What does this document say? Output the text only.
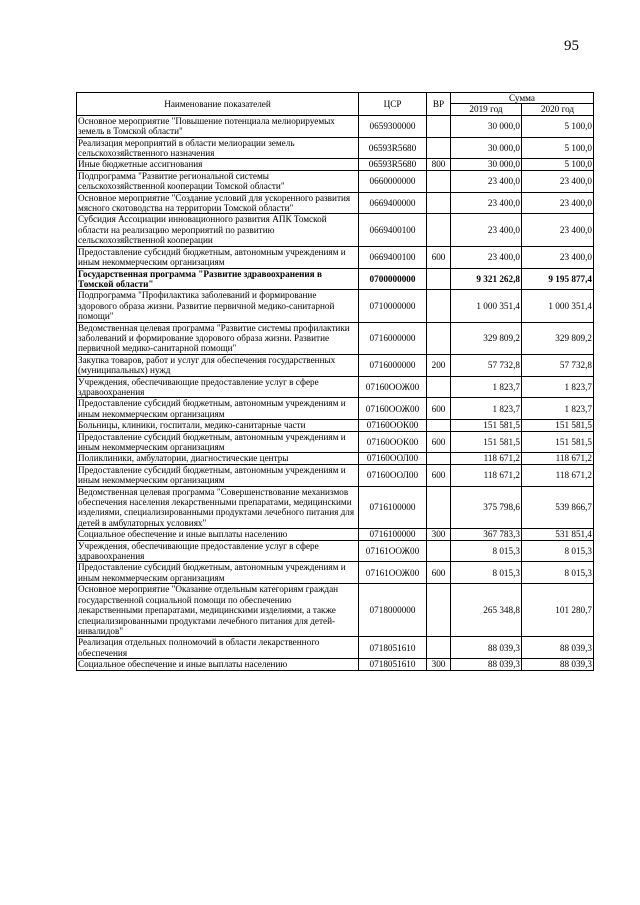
95
Наименование показателей	ЦСР	ВР	Сумма	
			2019 год	2020 год
Основное мероприятие "Повышение потенциала мелиорируемых земель в Томской области"	0659300000		30 000,0	5 100,0
Реализация мероприятий в области мелиорации земель сельскохозяйственного назначения	06593R5680		30 000,0	5 100,0
Иные бюджетные ассигнования	06593R5680	800	30 000,0	5 100,0
Подпрограмма "Развитие региональной системы сельскохозяйственной кооперации Томской области"	0660000000		23 400,0	23 400,0
Основное мероприятие "Создание условий для ускоренного развития мясного скотоводства на территории Томской области"	0669400000		23 400,0	23 400,0
Субсидия Ассоциации инновационного развития АПК Томской области на реализацию мероприятий по развитию сельскохозяйственной кооперации	0669400100		23 400,0	23 400,0
Предоставление субсидий бюджетным, автономным учреждениям и иным некоммерческим организациям	0669400100	600	23 400,0	23 400,0
Государственная программа "Развитие здравоохранения в Томской области"	0700000000		9 321 262,8	9 195 877,4
Подпрограмма "Профилактика заболеваний и формирование здорового образа жизни. Развитие первичной медико-санитарной помощи"	0710000000		1 000 351,4	1 000 351,4
Ведомственная целевая программа "Развитие системы профилактики заболеваний и формирование здорового образа жизни. Развитие первичной медико-санитарной помощи"	0716000000		329 809,2	329 809,2
Закупка товаров, работ и услуг для обеспечения государственных (муниципальных) нужд	0716000000	200	57 732,8	57 732,8
Учреждения, обеспечивающие предоставление услуг в сфере здравоохранения	07160ООЖ00		1 823,7	1 823,7
Предоставление субсидий бюджетным, автономным учреждениям и иным некоммерческим организациям	07160ООЖ00	600	1 823,7	1 823,7
Больницы, клиники, госпитали, медико-санитарные части	07160ООК00		151 581,5	151 581,5
Предоставление субсидий бюджетным, автономным учреждениям и иным некоммерческим организациям	07160ООК00	600	151 581,5	151 581,5
Поликлиники, амбулатории, диагностические центры	07160ООЛ00		118 671,2	118 671,2
Предоставление субсидий бюджетным, автономным учреждениям и иным некоммерческим организациям	07160ООЛ00	600	118 671,2	118 671,2
Ведомственная целевая программа "Совершенствование механизмов обеспечения населения лекарственными препаратами, медицинскими изделиями, специализированными продуктами лечебного питания для детей в амбулаторных условиях"	0716100000		375 798,6	539 866,7
Социальное обеспечение и иные выплаты населению	0716100000	300	367 783,3	531 851,4
Учреждения, обеспечивающие предоставление услуг в сфере здравоохранения	07161ООЖ00		8 015,3	8 015,3
Предоставление субсидий бюджетным, автономным учреждениям и иным некоммерческим организациям	07161ООЖ00	600	8 015,3	8 015,3
Основное мероприятие "Оказание отдельным категориям граждан государственной социальной помощи по обеспечению лекарственными препаратами, медицинскими изделиями, а также специализированными продуктами лечебного питания для детей-инвалидов"	0718000000		265 348,8	101 280,7
Реализация отдельных полномочий в области лекарственного обеспечения	0718051610		88 039,3	88 039,3
Социальное обеспечение и иные выплаты населению	0718051610	300	88 039,3	88 039,3
